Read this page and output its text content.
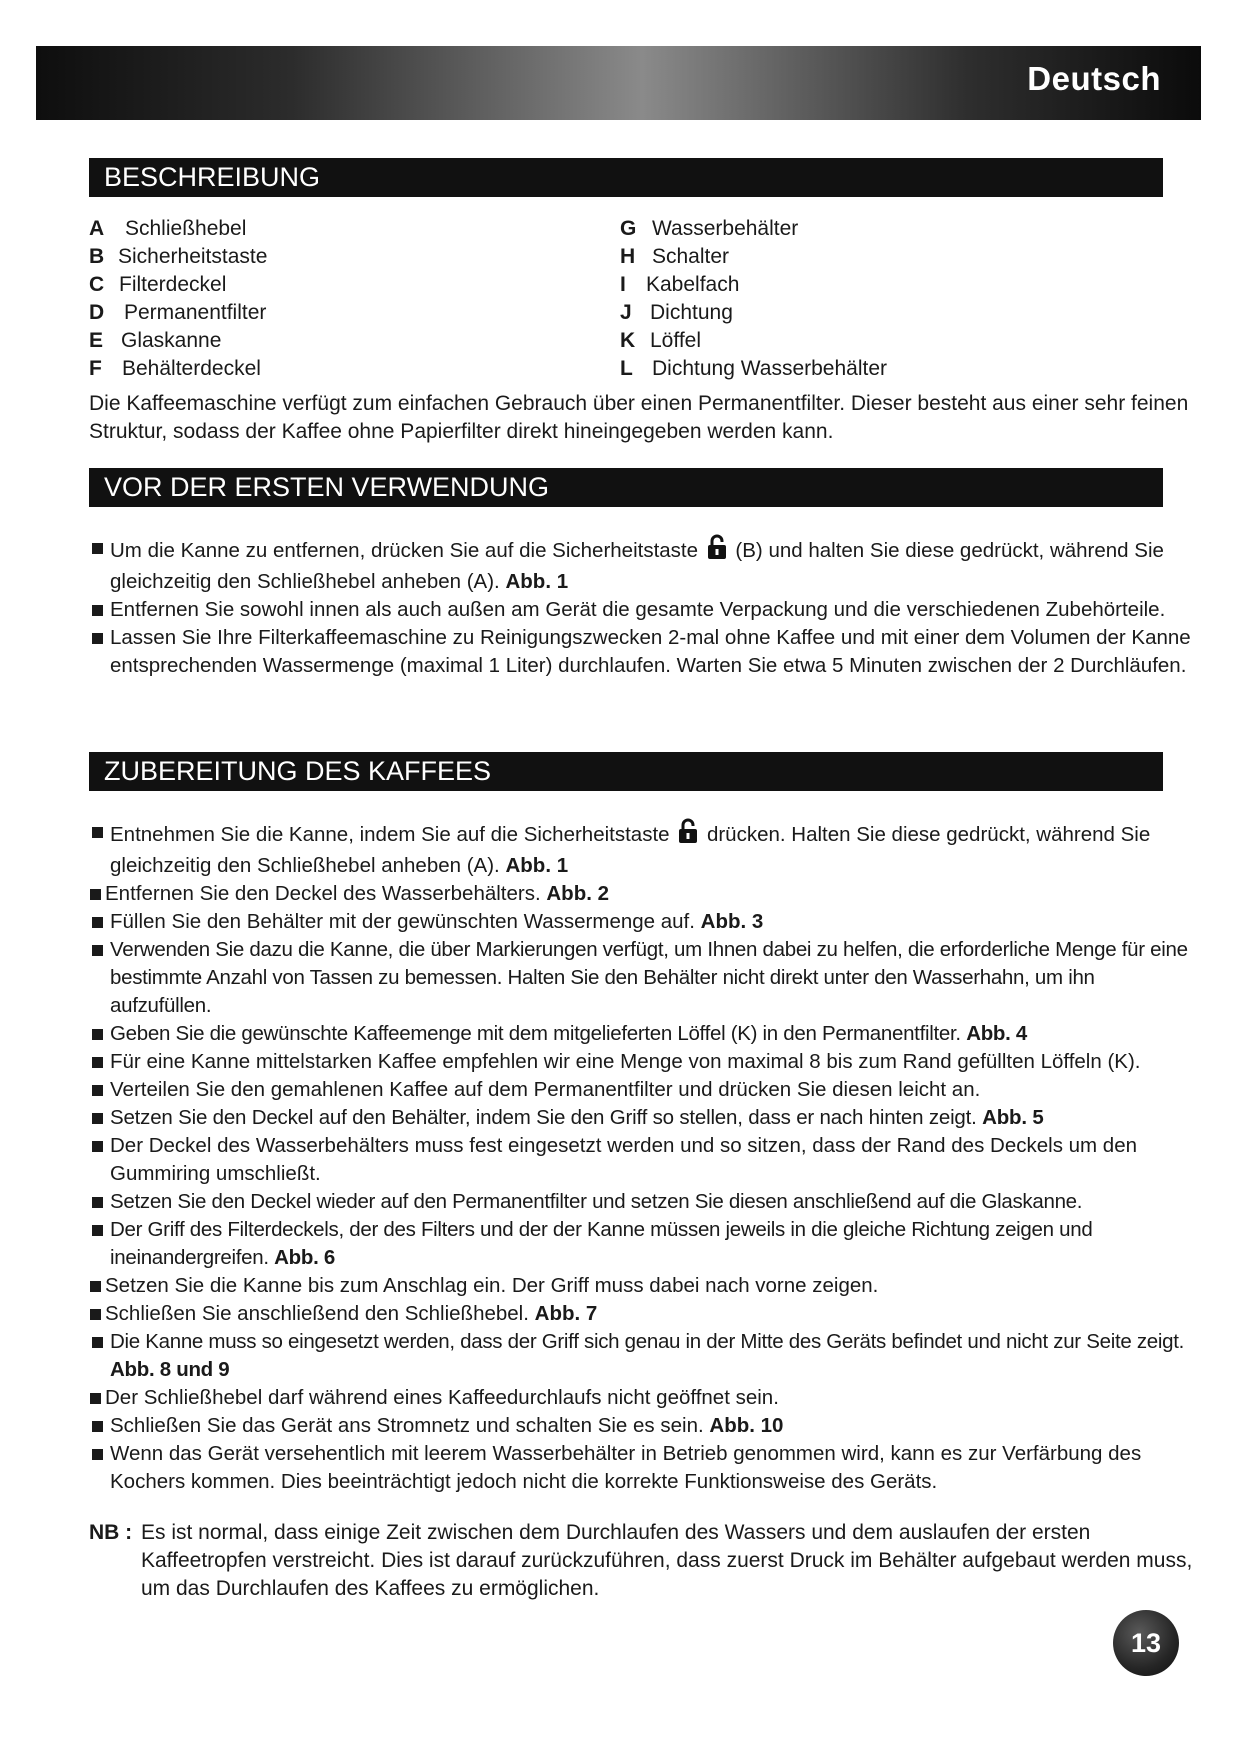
Deutsch
BESCHREIBUNG
A Schließhebel
B Sicherheitstaste
C Filterdeckel
D Permanentfilter
E Glaskanne
F Behälterdeckel
G Wasserbehälter
H Schalter
I Kabelfach
J Dichtung
K Löffel
L Dichtung Wasserbehälter
Die Kaffeemaschine verfügt zum einfachen Gebrauch über einen Permanentfilter. Dieser besteht aus einer sehr feinen Struktur, sodass der Kaffee ohne Papierfilter direkt hineingegeben werden kann.
VOR DER ERSTEN VERWENDUNG
Um die Kanne zu entfernen, drücken Sie auf die Sicherheitstaste (B) und halten Sie diese gedrückt, während Sie gleichzeitig den Schließhebel anheben (A). Abb. 1
Entfernen Sie sowohl innen als auch außen am Gerät die gesamte Verpackung und die verschiedenen Zubehörteile.
Lassen Sie Ihre Filterkaffeemaschine zu Reinigungszwecken 2-mal ohne Kaffee und mit einer dem Volumen der Kanne entsprechenden Wassermenge (maximal 1 Liter) durchlaufen. Warten Sie etwa 5 Minuten zwischen der 2 Durchläufen.
ZUBEREITUNG DES KAFFEES
Entnehmen Sie die Kanne, indem Sie auf die Sicherheitstaste drücken. Halten Sie diese gedrückt, während Sie gleichzeitig den Schließhebel anheben (A). Abb. 1
Entfernen Sie den Deckel des Wasserbehälters. Abb. 2
Füllen Sie den Behälter mit der gewünschten Wassermenge auf. Abb. 3
Verwenden Sie dazu die Kanne, die über Markierungen verfügt, um Ihnen dabei zu helfen, die erforderliche Menge für eine bestimmte Anzahl von Tassen zu bemessen. Halten Sie den Behälter nicht direkt unter den Wasserhahn, um ihn aufzufüllen.
Geben Sie die gewünschte Kaffeemenge mit dem mitgelieferten Löffel (K) in den Permanentfilter. Abb. 4
Für eine Kanne mittelstarken Kaffee empfehlen wir eine Menge von maximal 8 bis zum Rand gefüllten Löffeln (K).
Verteilen Sie den gemahlenen Kaffee auf dem Permanentfilter und drücken Sie diesen leicht an.
Setzen Sie den Deckel auf den Behälter, indem Sie den Griff so stellen, dass er nach hinten zeigt. Abb. 5
Der Deckel des Wasserbehälters muss fest eingesetzt werden und so sitzen, dass der Rand des Deckels um den Gummiring umschließt.
Setzen Sie den Deckel wieder auf den Permanentfilter und setzen Sie diesen anschließend auf die Glaskanne.
Der Griff des Filterdeckels, der des Filters und der der Kanne müssen jeweils in die gleiche Richtung zeigen und ineinandergreifen. Abb. 6
Setzen Sie die Kanne bis zum Anschlag ein. Der Griff muss dabei nach vorne zeigen.
Schließen Sie anschließend den Schließhebel. Abb. 7
Die Kanne muss so eingesetzt werden, dass der Griff sich genau in der Mitte des Geräts befindet und nicht zur Seite zeigt. Abb. 8 und 9
Der Schließhebel darf während eines Kaffeedurchlaufs nicht geöffnet sein.
Schließen Sie das Gerät ans Stromnetz und schalten Sie es sein. Abb. 10
Wenn das Gerät versehentlich mit leerem Wasserbehälter in Betrieb genommen wird, kann es zur Verfärbung des Kochers kommen. Dies beeinträchtigt jedoch nicht die korrekte Funktionsweise des Geräts.
NB : Es ist normal, dass einige Zeit zwischen dem Durchlaufen des Wassers und dem auslaufen der ersten Kaffeetropfen verstreicht. Dies ist darauf zurückzuführen, dass zuerst Druck im Behälter aufgebaut werden muss, um das Durchlaufen des Kaffees zu ermöglichen.
13
